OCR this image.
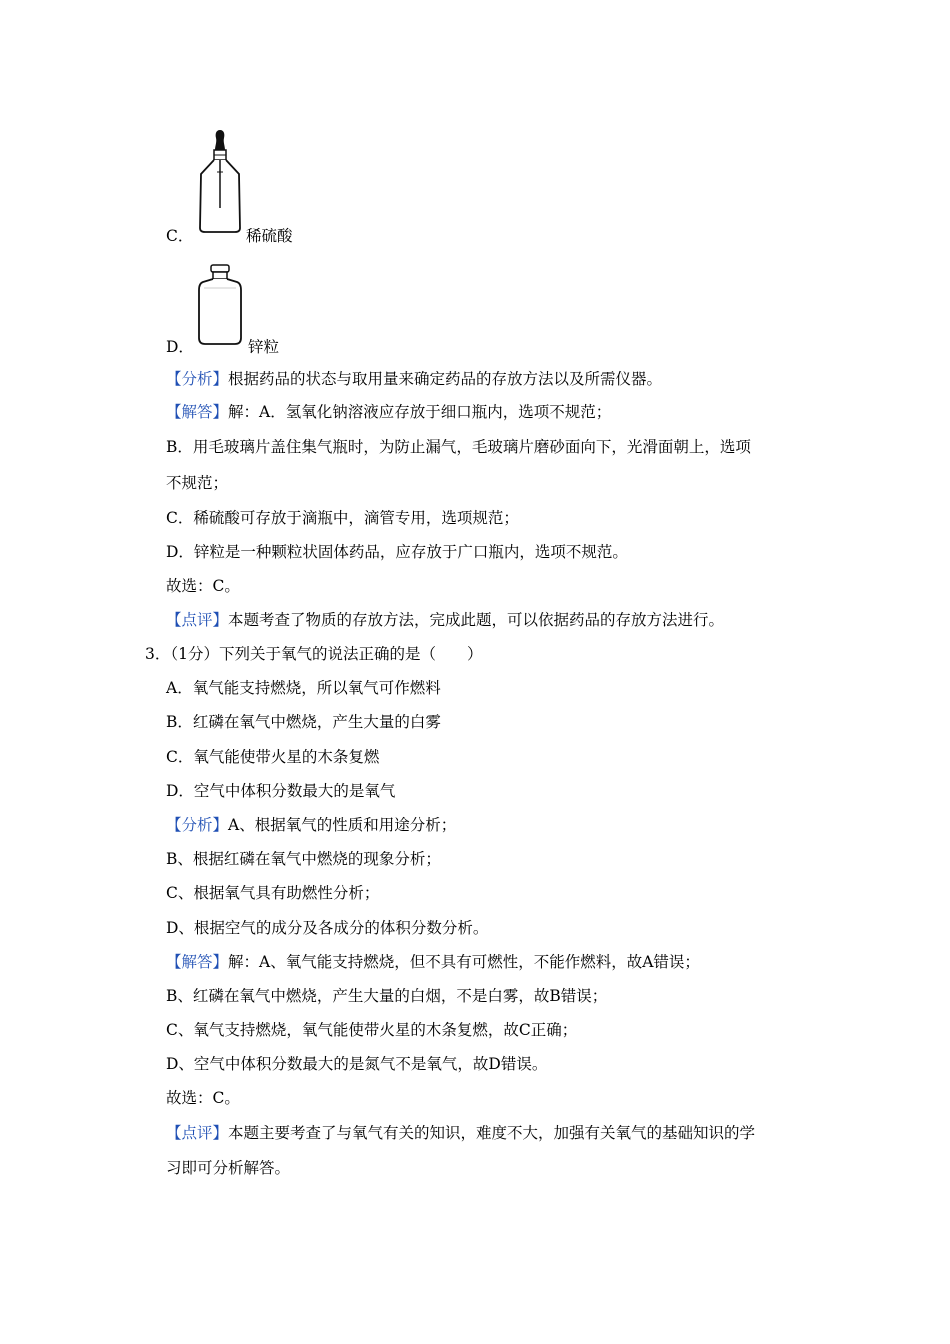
C．	稀硫酸
D．	锌粒
【分析】根据药品的状态与取用量来确定药品的存放方法以及所需仪器。
【解答】解：A．氢氧化钠溶液应存放于细口瓶内，选项不规范；
B．用毛玻璃片盖住集气瓶时，为防止漏气，毛玻璃片磨砂面向下，光滑面朝上，选项
不规范；
C．稀硫酸可存放于滴瓶中，滴管专用，选项规范；
D．锌粒是一种颗粒状固体药品，应存放于广口瓶内，选项不规范。
故选：C。
【点评】本题考查了物质的存放方法，完成此题，可以依据药品的存放方法进行。
3．（1分）下列关于氧气的说法正确的是（　　）
A．氧气能支持燃烧，所以氧气可作燃料
B．红磷在氧气中燃烧，产生大量的白雾
C．氧气能使带火星的木条复燃
D．空气中体积分数最大的是氧气
【分析】A、根据氧气的性质和用途分析；
B、根据红磷在氧气中燃烧的现象分析；
C、根据氧气具有助燃性分析；
D、根据空气的成分及各成分的体积分数分析。
【解答】解：A、氧气能支持燃烧，但不具有可燃性，不能作燃料，故A错误；
B、红磷在氧气中燃烧，产生大量的白烟，不是白雾，故B错误；
C、氧气支持燃烧，氧气能使带火星的木条复燃，故C正确；
D、空气中体积分数最大的是氮气不是氧气，故D错误。
故选：C。
【点评】本题主要考查了与氧气有关的知识，难度不大，加强有关氧气的基础知识的学
习即可分析解答。
